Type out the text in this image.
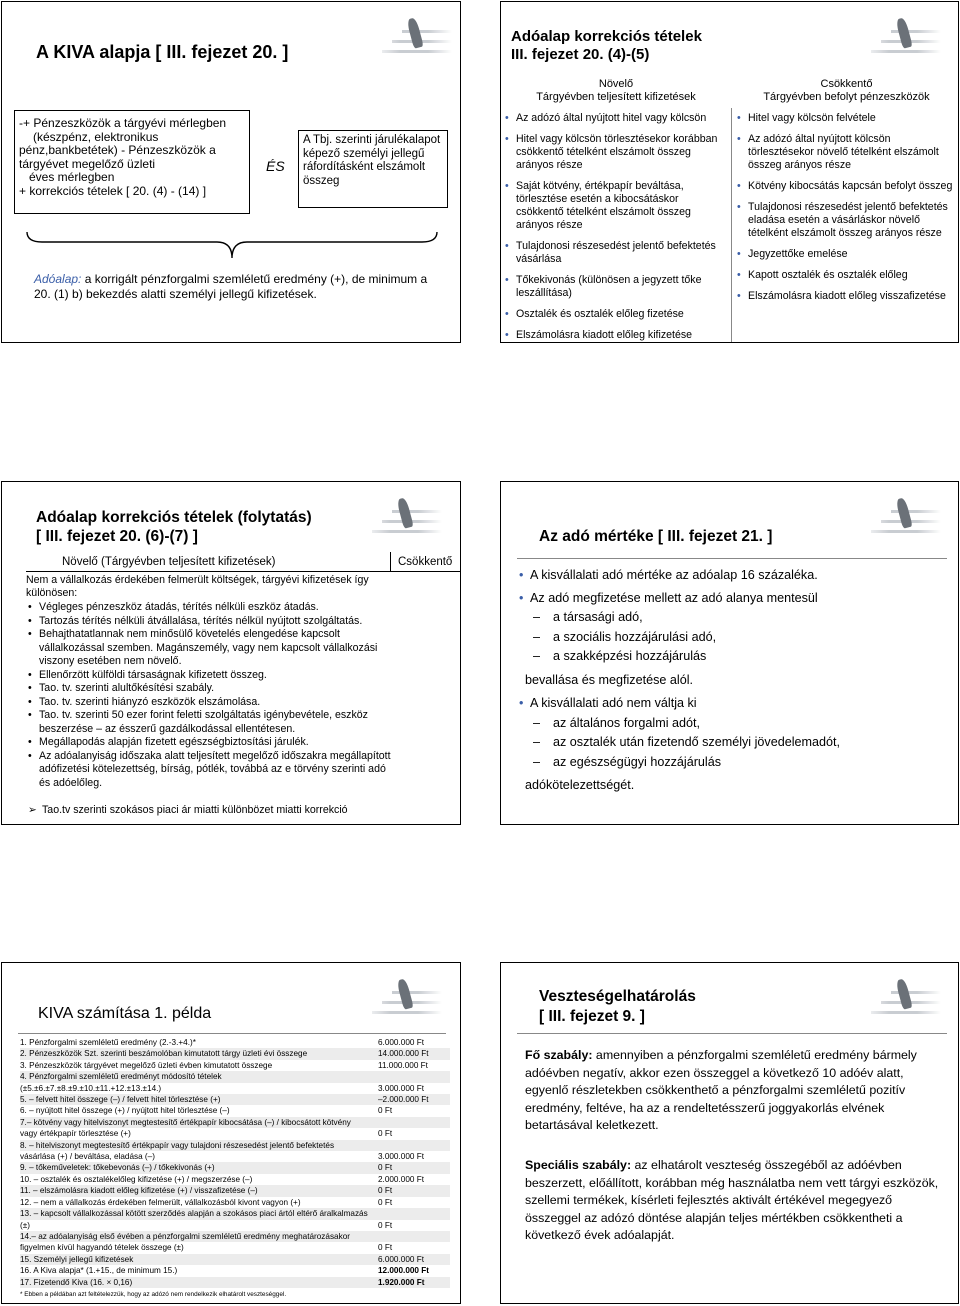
A KIVA alapja [ III. fejezet 20. ]
-+ Pénzeszközök a tárgyévi mérlegben
(készpénz, elektronikus
pénz,bankbetétek) - Pénzeszközök a
tárgyévet megelőző üzleti
éves mérlegben
+ korrekciós tételek [ 20. (4) - (14) ]
ÉS
A Tbj. szerinti járulékalapot
képező személyi jellegű
ráfordításként elszámolt
összeg
Adóalap: a korrigált pénzforgalmi szemléletű eredmény (+), de minimum a
20. (1) b) bekezdés alatti személyi jellegű kifizetések.
Adóalap korrekciós tételek
III. fejezet 20. (4)-(5)
Növelő
Tárgyévben teljesített kifizetések
Csökkentő
Tárgyévben befolyt pénzeszközök
• Az adózó által nyújtott hitel vagy kölcsön
• Hitel vagy kölcsön törlesztésekor korábban csökkentő tételként elszámolt összeg arányos része
• Saját kötvény, értékpapír beváltása, törlesztése esetén a kibocsátáskor csökkentő tételként elszámolt összeg arányos része
• Tulajdonosi részesedést jelentő befektetés vásárlása
• Tőkekivonás (különösen a jegyzett tőke leszállítása)
• Osztalék és osztalék előleg fizetése
• Elszámolásra kiadott előleg kifizetése
• Hitel vagy kölcsön felvétele
• Az adózó által nyújtott kölcsön törlesztésekor növelő tételként elszámolt összeg arányos része
• Kötvény kibocsátás kapcsán befolyt összeg
• Tulajdonosi részesedést jelentő befektetés eladása esetén a vásárláskor növelő tételként elszámolt összeg arányos része
• Jegyzettőke emelése
• Kapott osztalék és osztalék előleg
• Elszámolásra kiadott előleg visszafizetése
Adóalap korrekciós tételek (folytatás)
[ III. fejezet 20. (6)-(7) ]
Növelő (Tárgyévben teljesített kifizetések)	Csökkentő
Nem a vállalkozás érdekében felmerült költségek, tárgyévi kifizetések így különösen:
• Végleges pénzeszköz átadás, térítés nélküli eszköz átadás.
• Tartozás térítés nélküli átvállalása, térítés nélkül nyújtott szolgáltatás.
• Behajthatatlannak nem minősülő követelés elengedése kapcsolt vállalkozással szemben. Magánszemély, vagy nem kapcsolt vállalkozási viszony esetében nem növelő.
• Ellenőrzött külföldi társaságnak kifizetett összeg.
• Tao. tv. szerinti alultőkésítési szabály.
• Tao. tv. szerinti hiányzó eszközök elszámolása.
• Tao. tv. szerinti 50 ezer forint feletti szolgáltatás igénybevétele, eszköz beszerzése – az ésszerű gazdálkodással ellentétesen.
• Megállapodás alapján fizetett egészségbiztosítási járulék.
• Az adóalanyiság időszaka alatt teljesített megelőző időszakra megállapított adófizetési kötelezettség, bírság, pótlék, továbbá az e törvény szerinti adó és adóelőleg.
➢ Tao.tv szerinti szokásos piaci ár miatti különbözet miatti korrekció
Az adó mértéke [ III. fejezet 21. ]
• A kisvállalati adó mértéke az adóalap 16 százaléka.
• Az adó megfizetése mellett az adó alanya mentesül
– a társasági adó,
– a szociális hozzájárulási adó,
– a szakképzési hozzájárulás
bevallása és megfizetése alól.
• A kisvállalati adó nem váltja ki
– az általános forgalmi adót,
– az osztalék után fizetendő személyi jövedelemadót,
– az egészségügyi hozzájárulás
adókötelezettségét.
KIVA számítása 1. példa
1. Pénzforgalmi szemléletű eredmény (2.-3.+4.)*	6.000.000 Ft
2. Pénzeszközök Szt. szerinti beszámolóban kimutatott tárgy üzleti évi összege	14.000.000 Ft
3. Pénzeszközök tárgyévet megelőző üzleti évben kimutatott összege	11.000.000 Ft
4. Pénzforgalmi szemléletű eredményt módosító tételek
(±5.±6.±7.±8.±9.±10.±11.+12.±13.±14.)	3.000.000 Ft
5. – felvett hitel összege (–) / felvett hitel törlesztése (+)	–2.000.000 Ft
6. – nyújtott hitel összege (+) / nyújtott hitel törlesztése (–)	0 Ft
7.– kötvény vagy hitelviszonyt megtestesítő értékpapír kibocsátása (–) / kibocsátott kötvény
vagy értékpapír törlesztése (+)	0 Ft
8. – hitelviszonyt megtestesítő értékpapír vagy tulajdoni részesedést jelentő befektetés
vásárlása (+) / beváltása, eladása (–)	3.000.000 Ft
9. – tőkeműveletek: tőkebevonás (–) / tőkekivonás (+)	0 Ft
10. – osztalék és osztalékelőleg kifizetése (+) / megszerzése (–)	2.000.000 Ft
11. – elszámolásra kiadott előleg kifizetése (+) / visszafizetése (–)	0 Ft
12. – nem a vállalkozás érdekében felmerült, vállalkozásból kivont vagyon (+)	0 Ft
13. – kapcsolt vállalkozással kötött szerződés alapján a szokásos piaci ártól eltérő áralkalmazás
(±)	0 Ft
14.– az adóalanyiság első évében a pénzforgalmi szemléletű eredmény meghatározásakor
figyelmen kívül hagyandó tételek összege (±)	0 Ft
15. Személyi jellegű kifizetések	6.000.000 Ft
16. A Kiva alapja* (1.+15., de minimum 15.)	12.000.000 Ft
17. Fizetendő Kiva (16. × 0,16)	1.920.000 Ft
* Ebben a példában azt feltételezzük, hogy az adózó nem rendelkezik elhatárolt veszteséggel.
Veszteségelhatárolás
[ III. fejezet 9. ]
Fő szabály: amennyiben a pénzforgalmi szemléletű eredmény bármely adóévben negatív, akkor ezen összeggel a következő 10 adóév alatt, egyenlő részletekben csökkenthető a pénzforgalmi szemléletű pozitív eredmény, feltéve, ha az a rendeltetésszerű joggyakorlás elvének betartásával keletkezett.
Speciális szabály: az elhatárolt veszteség összegéből az adóévben beszerzett, előállított, korábban még használatba nem vett tárgyi eszközök, szellemi termékek, kísérleti fejlesztés aktivált értékével megegyező összeggel az adózó döntése alapján teljes mértékben csökkentheti a következő évek adóalapját.
